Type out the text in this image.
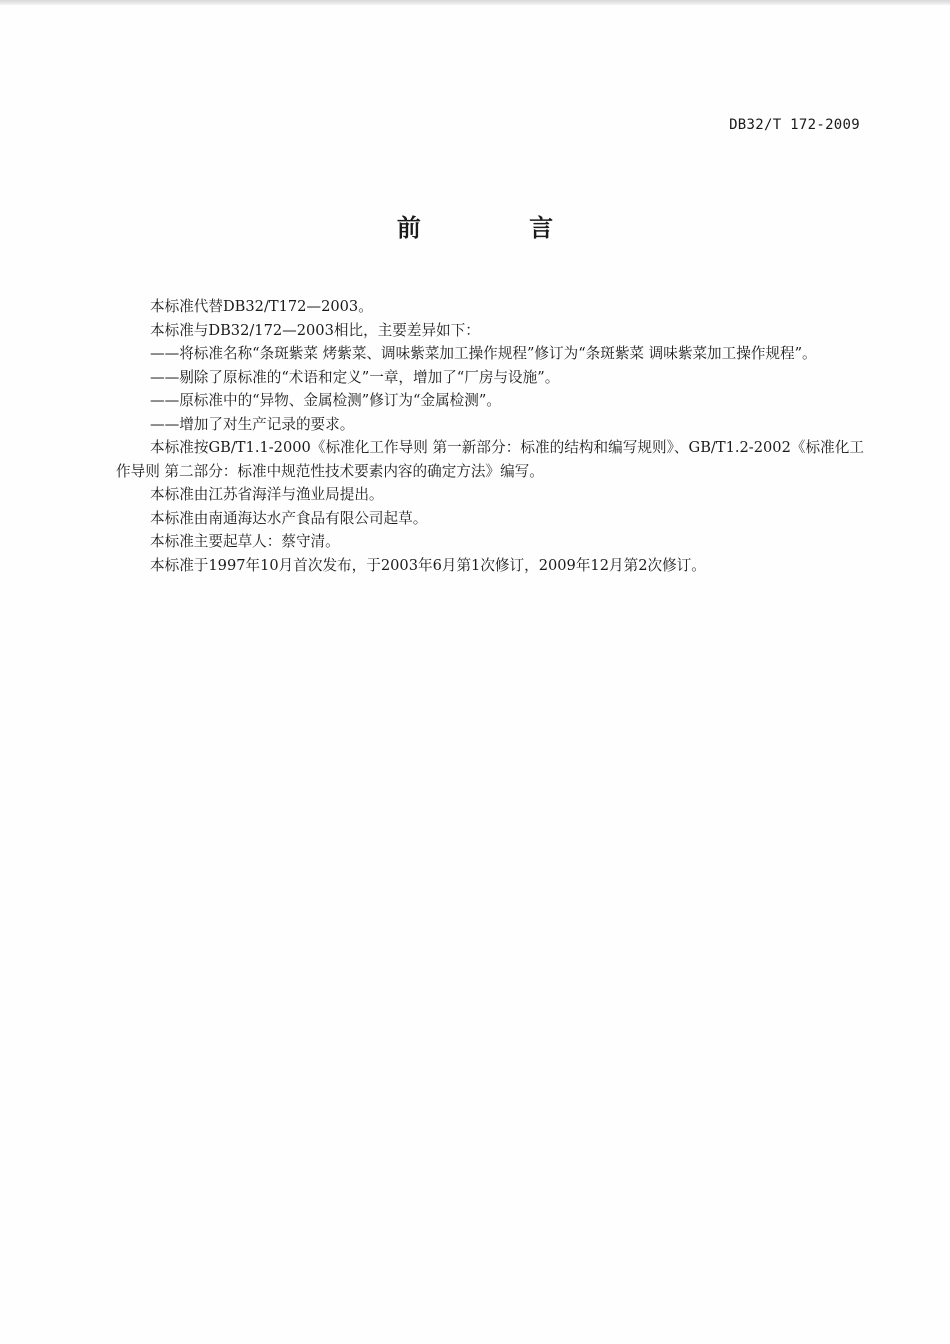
DB32/T 172-2009
前 言

本标准代替DB32/T172—2003。

本标准与DB32/172—2003相比，主要差异如下：

——将标准名称“条斑紫菜 烤紫菜、调味紫菜加工操作规程”修订为“条斑紫菜 调味紫菜加工操作规程”。

——剔除了原标准的“术语和定义”一章，增加了“厂房与设施”。

——原标准中的“异物、金属检测”修订为“金属检测”。

——增加了对生产记录的要求。

本标准按GB/T1.1-2000《标准化工作导则 第一新部分：标准的结构和编写规则》、GB/T1.2-2002《标准化工作导则 第二部分：标准中规范性技术要素内容的确定方法》编写。

本标准由江苏省海洋与渔业局提出。

本标准由南通海达水产食品有限公司起草。

本标准主要起草人：蔡守清。

本标准于1997年10月首次发布，于2003年6月第1次修订，2009年12月第2次修订。
